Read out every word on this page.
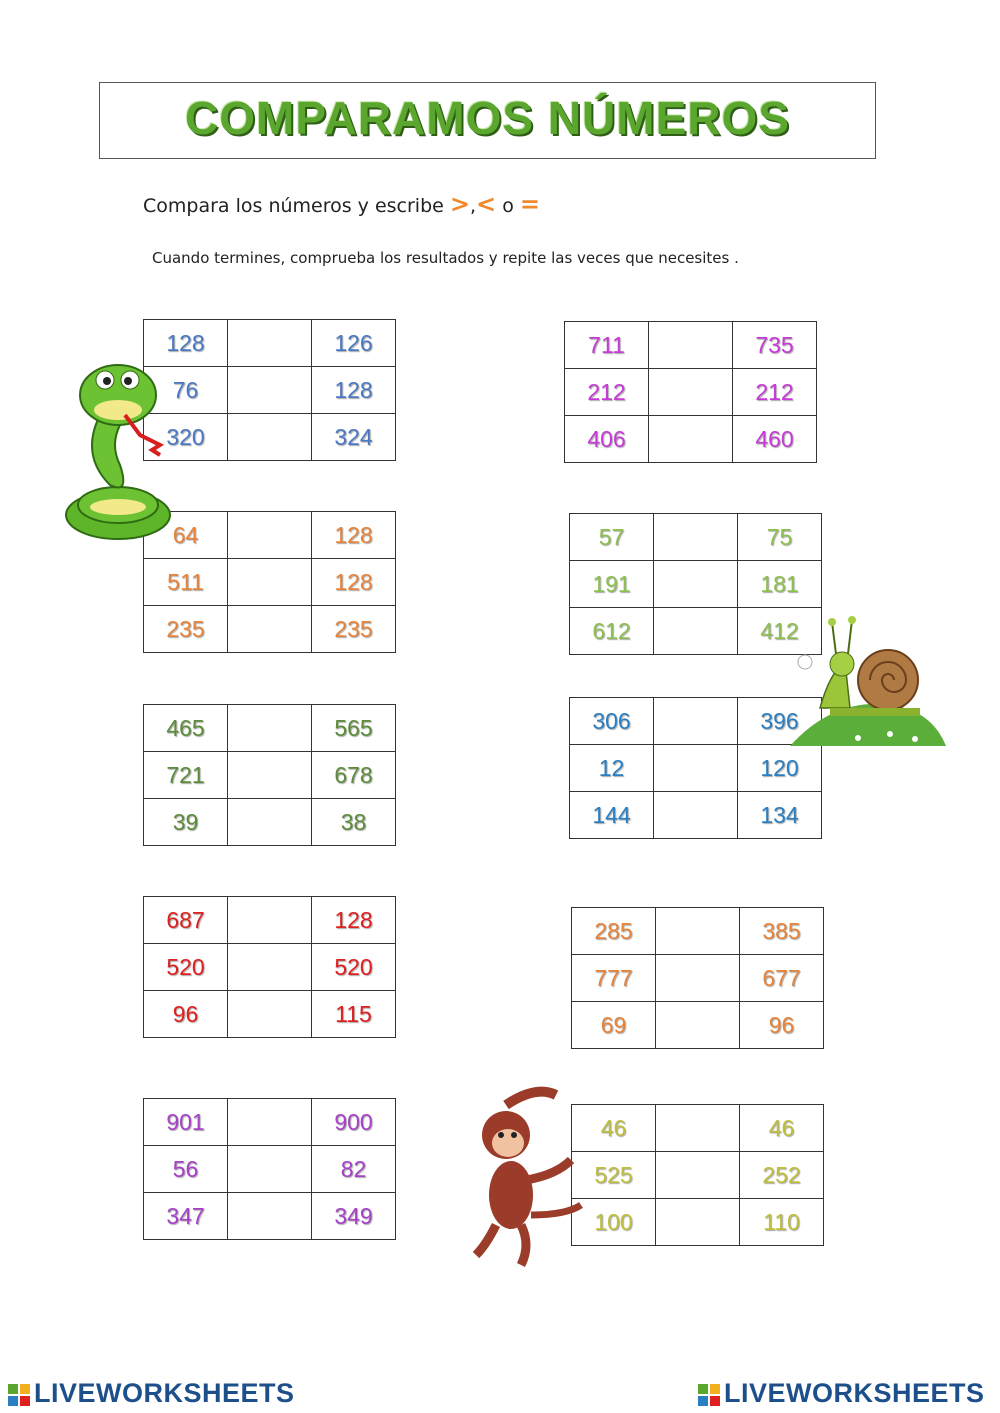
COMPARAMOS NÚMEROS
Compara los números y escribe >,< o =
Cuando termines, comprueba los resultados y repite las veces que necesites .
128		126
76		128
320		324
64		128
511		128
235		235
465		565
721		678
39		38
687		128
520		520
96		115
901		900
56		82
347		349
711		735
212		212
406		460
57		75
191		181
612		412
306		396
12		120
144		134
285		385
777		677
69		96
46		46
525		252
100		110
LIVEWORKSHEETS	LIVEWORKSHEETS
